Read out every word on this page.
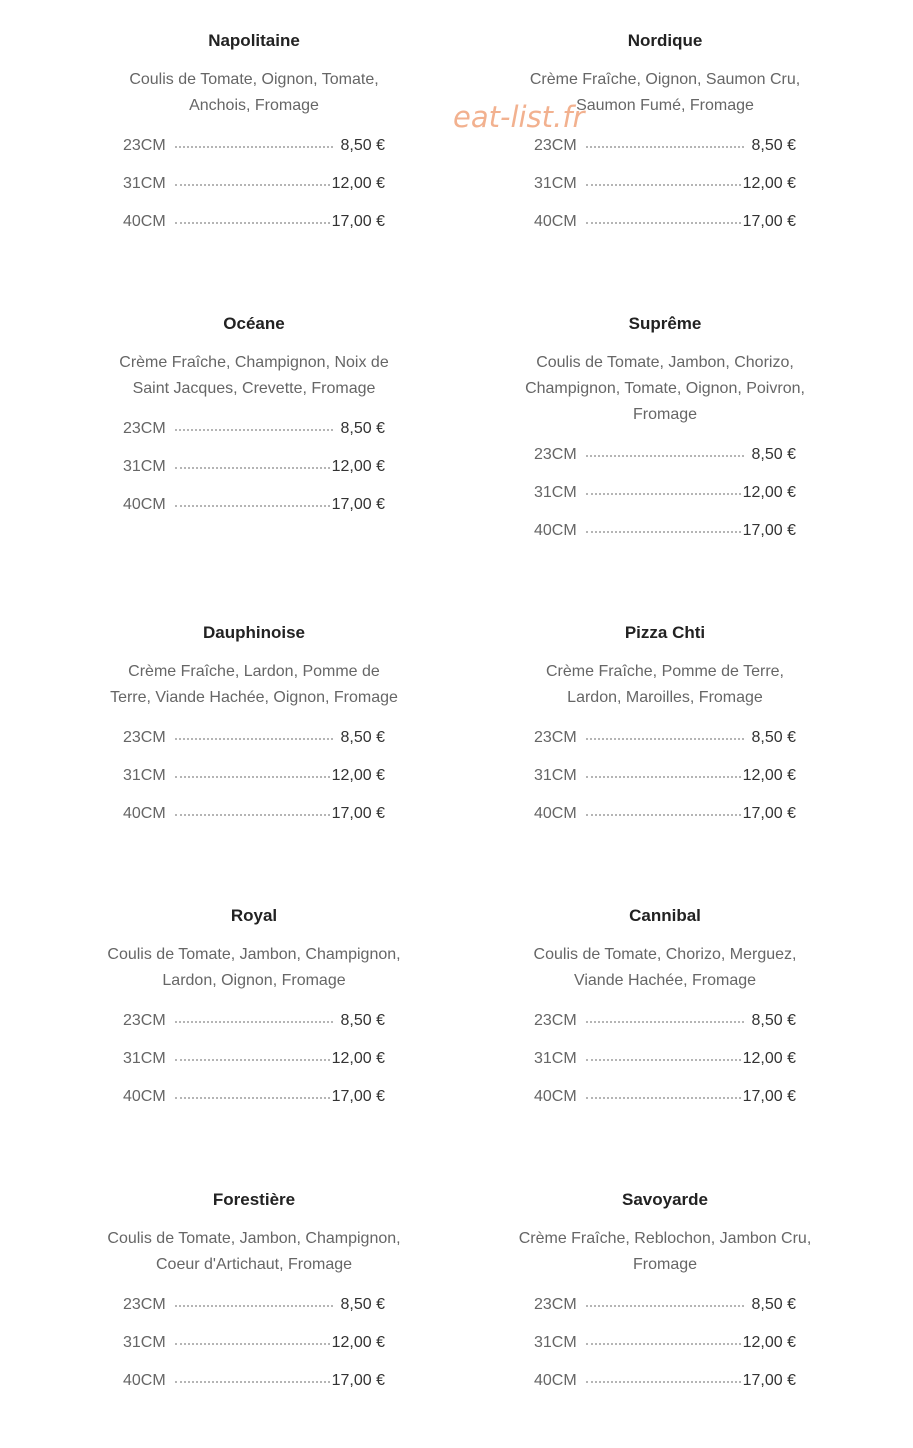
Napolitaine
Coulis de Tomate, Oignon, Tomate, Anchois, Fromage
23CM	8,50 €
31CM	12,00 €
40CM	17,00 €
Nordique
Crème Fraîche, Oignon, Saumon Cru, Saumon Fumé, Fromage
23CM	8,50 €
31CM	12,00 €
40CM	17,00 €
Océane
Crème Fraîche, Champignon, Noix de Saint Jacques, Crevette, Fromage
23CM	8,50 €
31CM	12,00 €
40CM	17,00 €
Suprême
Coulis de Tomate, Jambon, Chorizo, Champignon, Tomate, Oignon, Poivron, Fromage
23CM	8,50 €
31CM	12,00 €
40CM	17,00 €
Dauphinoise
Crème Fraîche, Lardon, Pomme de Terre, Viande Hachée, Oignon, Fromage
23CM	8,50 €
31CM	12,00 €
40CM	17,00 €
Pizza Chti
Crème Fraîche, Pomme de Terre, Lardon, Maroilles, Fromage
23CM	8,50 €
31CM	12,00 €
40CM	17,00 €
Royal
Coulis de Tomate, Jambon, Champignon, Lardon, Oignon, Fromage
23CM	8,50 €
31CM	12,00 €
40CM	17,00 €
Cannibal
Coulis de Tomate, Chorizo, Merguez, Viande Hachée, Fromage
23CM	8,50 €
31CM	12,00 €
40CM	17,00 €
Forestière
Coulis de Tomate, Jambon, Champignon, Coeur d'Artichaut, Fromage
23CM	8,50 €
31CM	12,00 €
40CM	17,00 €
Savoyarde
Crème Fraîche, Reblochon, Jambon Cru, Fromage
23CM	8,50 €
31CM	12,00 €
40CM	17,00 €
eat-list.fr
